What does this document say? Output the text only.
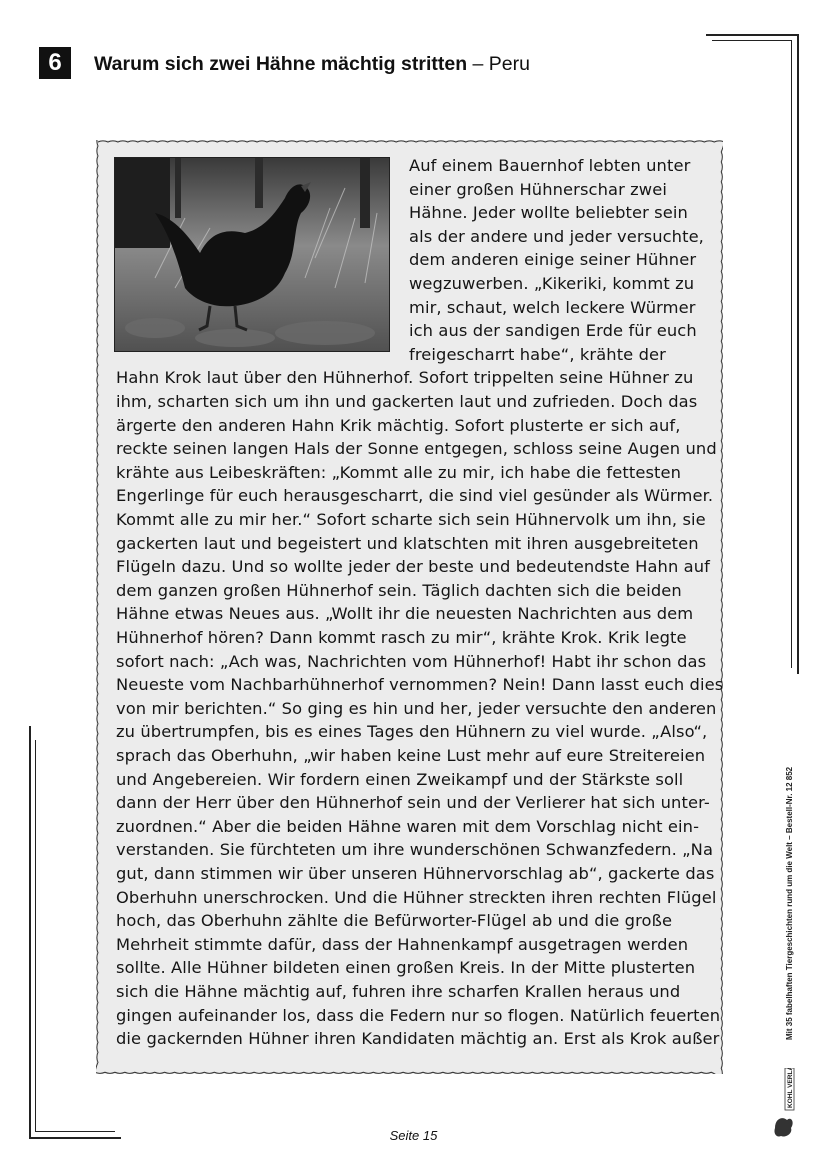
6	Warum sich zwei Hähne mächtig stritten – Peru
Auf einem Bauernhof lebten unter
einer großen Hühnerschar zwei
Hähne. Jeder wollte beliebter sein
als der andere und jeder versuchte,
dem anderen einige seiner Hühner
wegzuwerben. „Kikeriki, kommt zu
mir, schaut, welch leckere Würmer
ich aus der sandigen Erde für euch
freigescharrt habe“, krähte der
Hahn Krok laut über den Hühnerhof. Sofort trippelten seine Hühner zu
ihm, scharten sich um ihn und gackerten laut und zufrieden. Doch das
ärgerte den anderen Hahn Krik mächtig. Sofort plusterte er sich auf,
reckte seinen langen Hals der Sonne entgegen, schloss seine Augen und
krähte aus Leibeskräften: „Kommt alle zu mir, ich habe die fettesten
Engerlinge für euch herausgescharrt, die sind viel gesünder als Würmer.
Kommt alle zu mir her.“ Sofort scharte sich sein Hühnervolk um ihn, sie
gackerten laut und begeistert und klatschten mit ihren ausgebreiteten
Flügeln dazu. Und so wollte jeder der beste und bedeutendste Hahn auf
dem ganzen großen Hühnerhof sein. Täglich dachten sich die beiden
Hähne etwas Neues aus. „Wollt ihr die neuesten Nachrichten aus dem
Hühnerhof hören? Dann kommt rasch zu mir“, krähte Krok. Krik legte
sofort nach: „Ach was, Nachrichten vom Hühnerhof! Habt ihr schon das
Neueste vom Nachbarhühnerhof vernommen? Nein! Dann lasst euch dies
von mir berichten.“ So ging es hin und her, jeder versuchte den anderen
zu übertrumpfen, bis es eines Tages den Hühnern zu viel wurde. „Also“,
sprach das Oberhuhn, „wir haben keine Lust mehr auf eure Streitereien
und Angebereien. Wir fordern einen Zweikampf und der Stärkste soll
dann der Herr über den Hühnerhof sein und der Verlierer hat sich unter-
zuordnen.“ Aber die beiden Hähne waren mit dem Vorschlag nicht ein-
verstanden. Sie fürchteten um ihre wunderschönen Schwanzfedern. „Na
gut, dann stimmen wir über unseren Hühnervorschlag ab“, gackerte das
Oberhuhn unerschrocken. Und die Hühner streckten ihren rechten Flügel
hoch, das Oberhuhn zählte die Befürworter-Flügel ab und die große
Mehrheit stimmte dafür, dass der Hahnenkampf ausgetragen werden
sollte. Alle Hühner bildeten einen großen Kreis. In der Mitte plusterten
sich die Hähne mächtig auf, fuhren ihre scharfen Krallen heraus und
gingen aufeinander los, dass die Federn nur so flogen. Natürlich feuerten
die gackernden Hühner ihren Kandidaten mächtig an. Erst als Krok außer	Mit 35 fabelhaften Tiergeschichten rund um die Welt – Bestell-Nr. 12 852
KOHL VERLAG
Seite 15
